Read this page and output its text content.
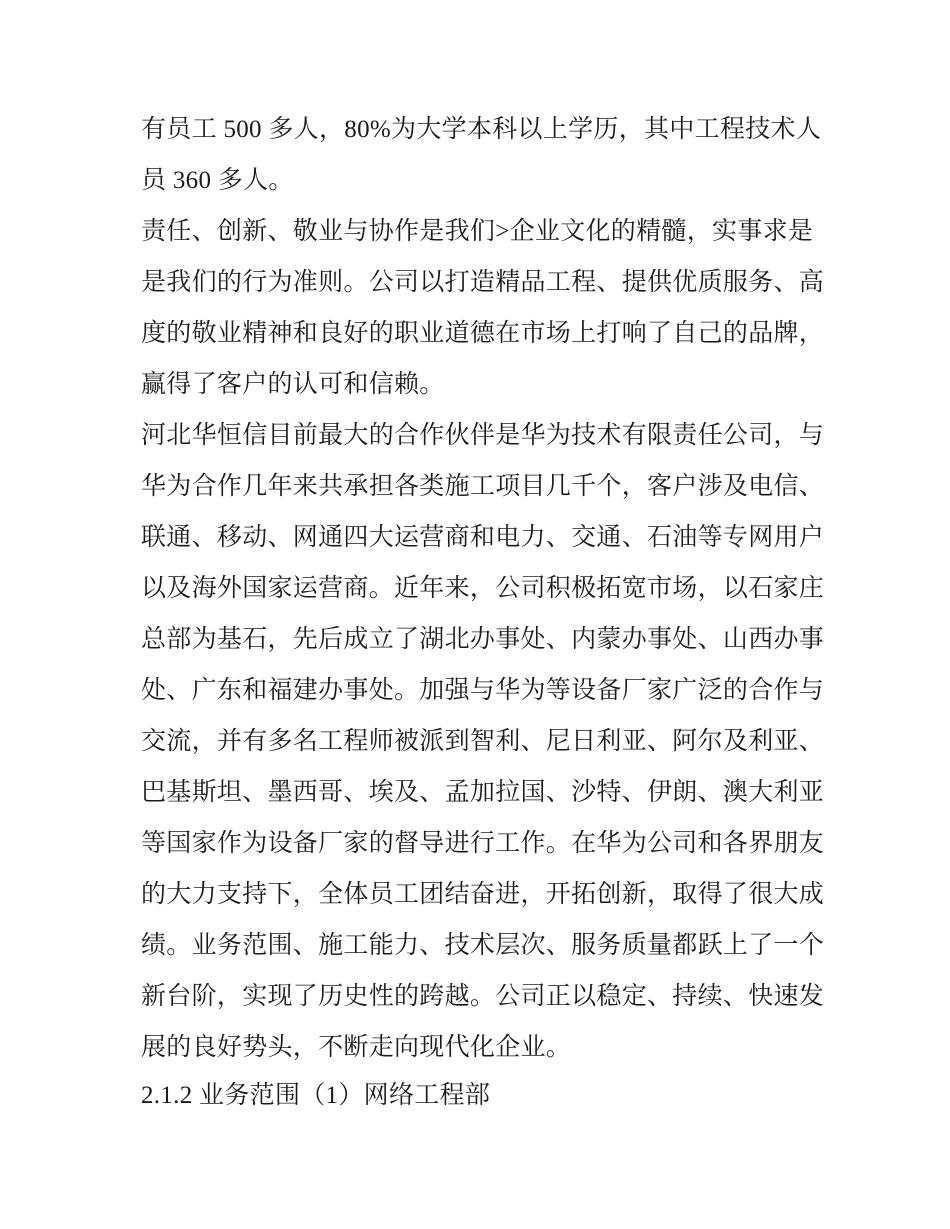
有员工 500 多人，80%为大学本科以上学历，其中工程技术人
员 360 多人。
责任、创新、敬业与协作是我们>企业文化的精髓，实事求是
是我们的行为准则。公司以打造精品工程、提供优质服务、高
度的敬业精神和良好的职业道德在市场上打响了自己的品牌，
赢得了客户的认可和信赖。
河北华恒信目前最大的合作伙伴是华为技术有限责任公司，与
华为合作几年来共承担各类施工项目几千个，客户涉及电信、
联通、移动、网通四大运营商和电力、交通、石油等专网用户
以及海外国家运营商。近年来，公司积极拓宽市场，以石家庄
总部为基石，先后成立了湖北办事处、内蒙办事处、山西办事
处、广东和福建办事处。加强与华为等设备厂家广泛的合作与
交流，并有多名工程师被派到智利、尼日利亚、阿尔及利亚、
巴基斯坦、墨西哥、埃及、孟加拉国、沙特、伊朗、澳大利亚
等国家作为设备厂家的督导进行工作。在华为公司和各界朋友
的大力支持下，全体员工团结奋进，开拓创新，取得了很大成
绩。业务范围、施工能力、技术层次、服务质量都跃上了一个
新台阶，实现了历史性的跨越。公司正以稳定、持续、快速发
展的良好势头，不断走向现代化企业。
2.1.2 业务范围（1）网络工程部
